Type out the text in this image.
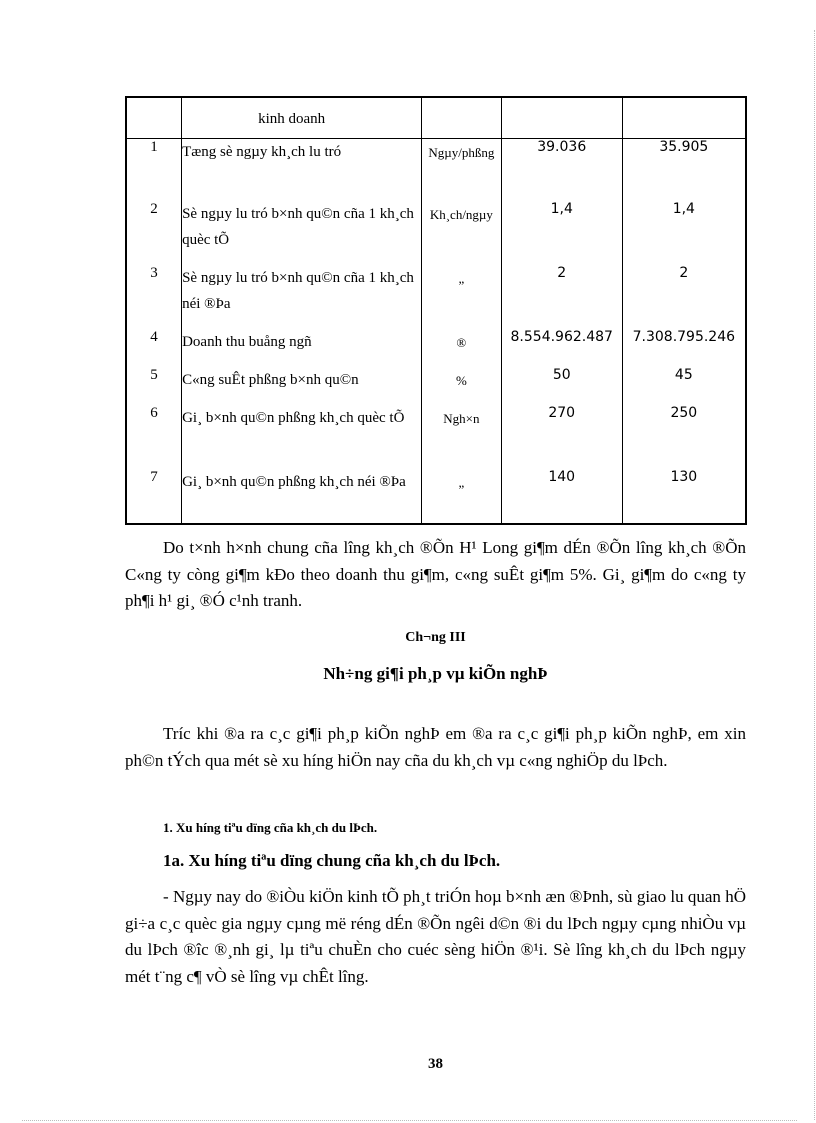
	kinh doanh			
1	Tæng sè ngµy kh¸ch lu tró	Ngµy/phßng	39.036	35.905
2	Sè ngµy lu tró b×nh qu©n cña 1 kh¸ch quèc tÕ	Kh¸ch/ngµy	1,4	1,4
3	Sè ngµy lu tró b×nh qu©n cña 1 kh¸ch néi ®Þa	„	2	2
4	Doanh thu buång ngñ	®	8.554.962.487	7.308.795.246
5	C«ng suÊt phßng b×nh qu©n	%	50	45
6	Gi¸ b×nh qu©n phßng kh¸ch quèc tÕ	Ngh×n	270	250
7	Gi¸ b×nh qu©n phßng kh¸ch néi ®Þa	„	140	130

Do t×nh h×nh chung cña lîng kh¸ch ®Õn H¹ Long gi¶m dÉn ®Õn lîng kh¸ch ®Õn C«ng ty còng gi¶m kÐo theo doanh thu gi¶m, c«ng suÊt gi¶m 5%. Gi¸ gi¶m do c«ng ty ph¶i h¹ gi¸ ®Ó c¹nh tranh.

Ch¬ng III

Nh÷ng gi¶i ph¸p vµ kiÕn nghÞ

Tríc khi ®a ra c¸c gi¶i ph¸p kiÕn nghÞ em ®a ra c¸c gi¶i ph¸p kiÕn nghÞ, em xin ph©n tÝch qua mét sè xu híng hiÖn nay cña du kh¸ch vµ c«ng nghiÖp du lÞch.

1. Xu híng tiªu dïng cña kh¸ch du lÞch.

1a. Xu híng tiªu dïng chung cña kh¸ch du lÞch.

- Ngµy nay do ®iÒu kiÖn kinh tÕ ph¸t triÓn hoµ b×nh æn ®Þnh, sù giao lu quan hÖ gi÷a c¸c quèc gia ngµy cµng më réng dÉn ®Õn ngêi d©n ®i du lÞch ngµy cµng nhiÒu vµ du lÞch ®îc ®¸nh gi¸ lµ tiªu chuÈn cho cuéc sèng hiÖn ®¹i. Sè lîng kh¸ch du lÞch ngµy mét t¨ng c¶ vÒ sè lîng vµ chÊt lîng.

38
